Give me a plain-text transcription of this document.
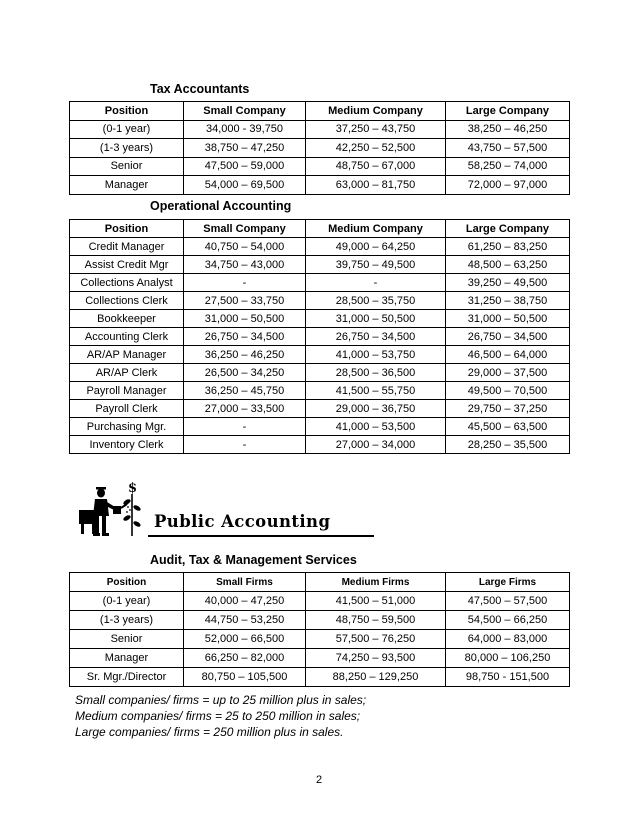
Tax Accountants
Position	Small Company	Medium Company	Large Company
(0-1 year)	34,000 - 39,750	37,250 – 43,750	38,250 – 46,250
(1-3 years)	38,750 – 47,250	42,250 – 52,500	43,750 – 57,500
Senior	47,500 – 59,000	48,750 – 67,000	58,250 – 74,000
Manager	54,000 – 69,500	63,000 – 81,750	72,000 – 97,000
Operational Accounting
Position	Small Company	Medium Company	Large Company
Credit Manager	40,750 – 54,000	49,000 – 64,250	61,250 – 83,250
Assist Credit Mgr	34,750 – 43,000	39,750 – 49,500	48,500 – 63,250
Collections Analyst	-	-	39,250 – 49,500
Collections Clerk	27,500 – 33,750	28,500 – 35,750	31,250 – 38,750
Bookkeeper	31,000 – 50,500	31,000 – 50,500	31,000 – 50,500
Accounting Clerk	26,750 – 34,500	26,750 – 34,500	26,750 – 34,500
AR/AP Manager	36,250 – 46,250	41,000 – 53,750	46,500 – 64,000
AR/AP Clerk	26,500 – 34,250	28,500 – 36,500	29,000 – 37,500
Payroll Manager	36,250 – 45,750	41,500 – 55,750	49,500 – 70,500
Payroll Clerk	27,000 – 33,500	29,000 – 36,750	29,750 – 37,250
Purchasing Mgr.	-	41,000 – 53,500	45,500 – 63,500
Inventory Clerk	-	27,000 – 34,000	28,250 – 35,500
$
Public Accounting
Audit, Tax & Management Services
Position	Small Firms	Medium Firms	Large Firms
(0-1 year)	40,000 – 47,250	41,500 – 51,000	47,500 – 57,500
(1-3 years)	44,750 – 53,250	48,750 – 59,500	54,500 – 66,250
Senior	52,000 – 66,500	57,500 – 76,250	64,000 – 83,000
Manager	66,250 – 82,000	74,250 – 93,500	80,000 – 106,250
Sr. Mgr./Director	80,750 – 105,500	88,250 – 129,250	98,750 - 151,500
Small companies/ firms = up to 25 million plus in sales;
Medium companies/ firms = 25 to 250 million in sales;
Large companies/ firms = 250 million plus in sales.
2
